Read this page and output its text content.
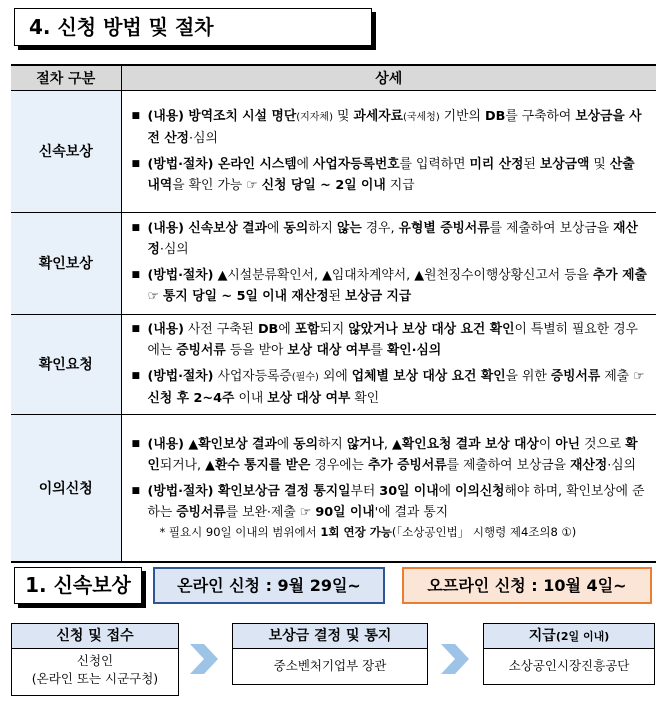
4. 신청 방법 및 절차
절차 구분	상세
신속보상	■ (내용) 방역조치 시설 명단(지자체) 및 과세자료(국세청) 기반의 DB를 구축하여 보상금을 사전 산정·심의
■ (방법·절차) 온라인 시스템에 사업자등록번호를 입력하면 미리 산정된 보상금액 및 산출 내역을 확인 가능 ☞ 신청 당일 ~ 2일 이내 지급

확인보상	■ (내용) 신속보상 결과에 동의하지 않는 경우, 유형별 증빙서류를 제출하여 보상금을 재산정·심의
■ (방법·절차) ▲시설분류확인서, ▲임대차계약서, ▲원천징수이행상황신고서 등을 추가 제출 ☞ 통지 당일 ~ 5일 이내 재산정된 보상금 지급

확인요청	■ (내용) 사전 구축된 DB에 포함되지 않았거나 보상 대상 요건 확인이 특별히 필요한 경우에는 증빙서류 등을 받아 보상 대상 여부를 확인·심의
■ (방법·절차) 사업자등록증(필수) 외에 업체별 보상 대상 요건 확인을 위한 증빙서류 제출 ☞ 신청 후 2~4주 이내 보상 대상 여부 확인

이의신청	■ (내용) ▲확인보상 결과에 동의하지 않거나, ▲확인요청 결과 보상 대상이 아닌 것으로 확인되거나, ▲환수 통지를 받은 경우에는 추가 증빙서류를 제출하여 보상금을 재산정·심의
■ (방법·절차) 확인보상금 결정 통지일부터 30일 이내에 이의신청해야 하며, 확인보상에 준하는 증빙서류를 보완·제출 ☞ 90일 이내'에 결과 통지
* 필요시 90일 이내의 범위에서 1회 연장 가능(「소상공인법」 시행령 제4조의8 ①)
1. 신속보상	온라인 신청 : 9월 29일~	오프라인 신청 : 10월 4일~
신청 및 접수
신청인
(온라인 또는 시군구청)
보상금 결정 및 통지
중소벤처기업부 장관
지급(2일 이내)
소상공인시장진흥공단
